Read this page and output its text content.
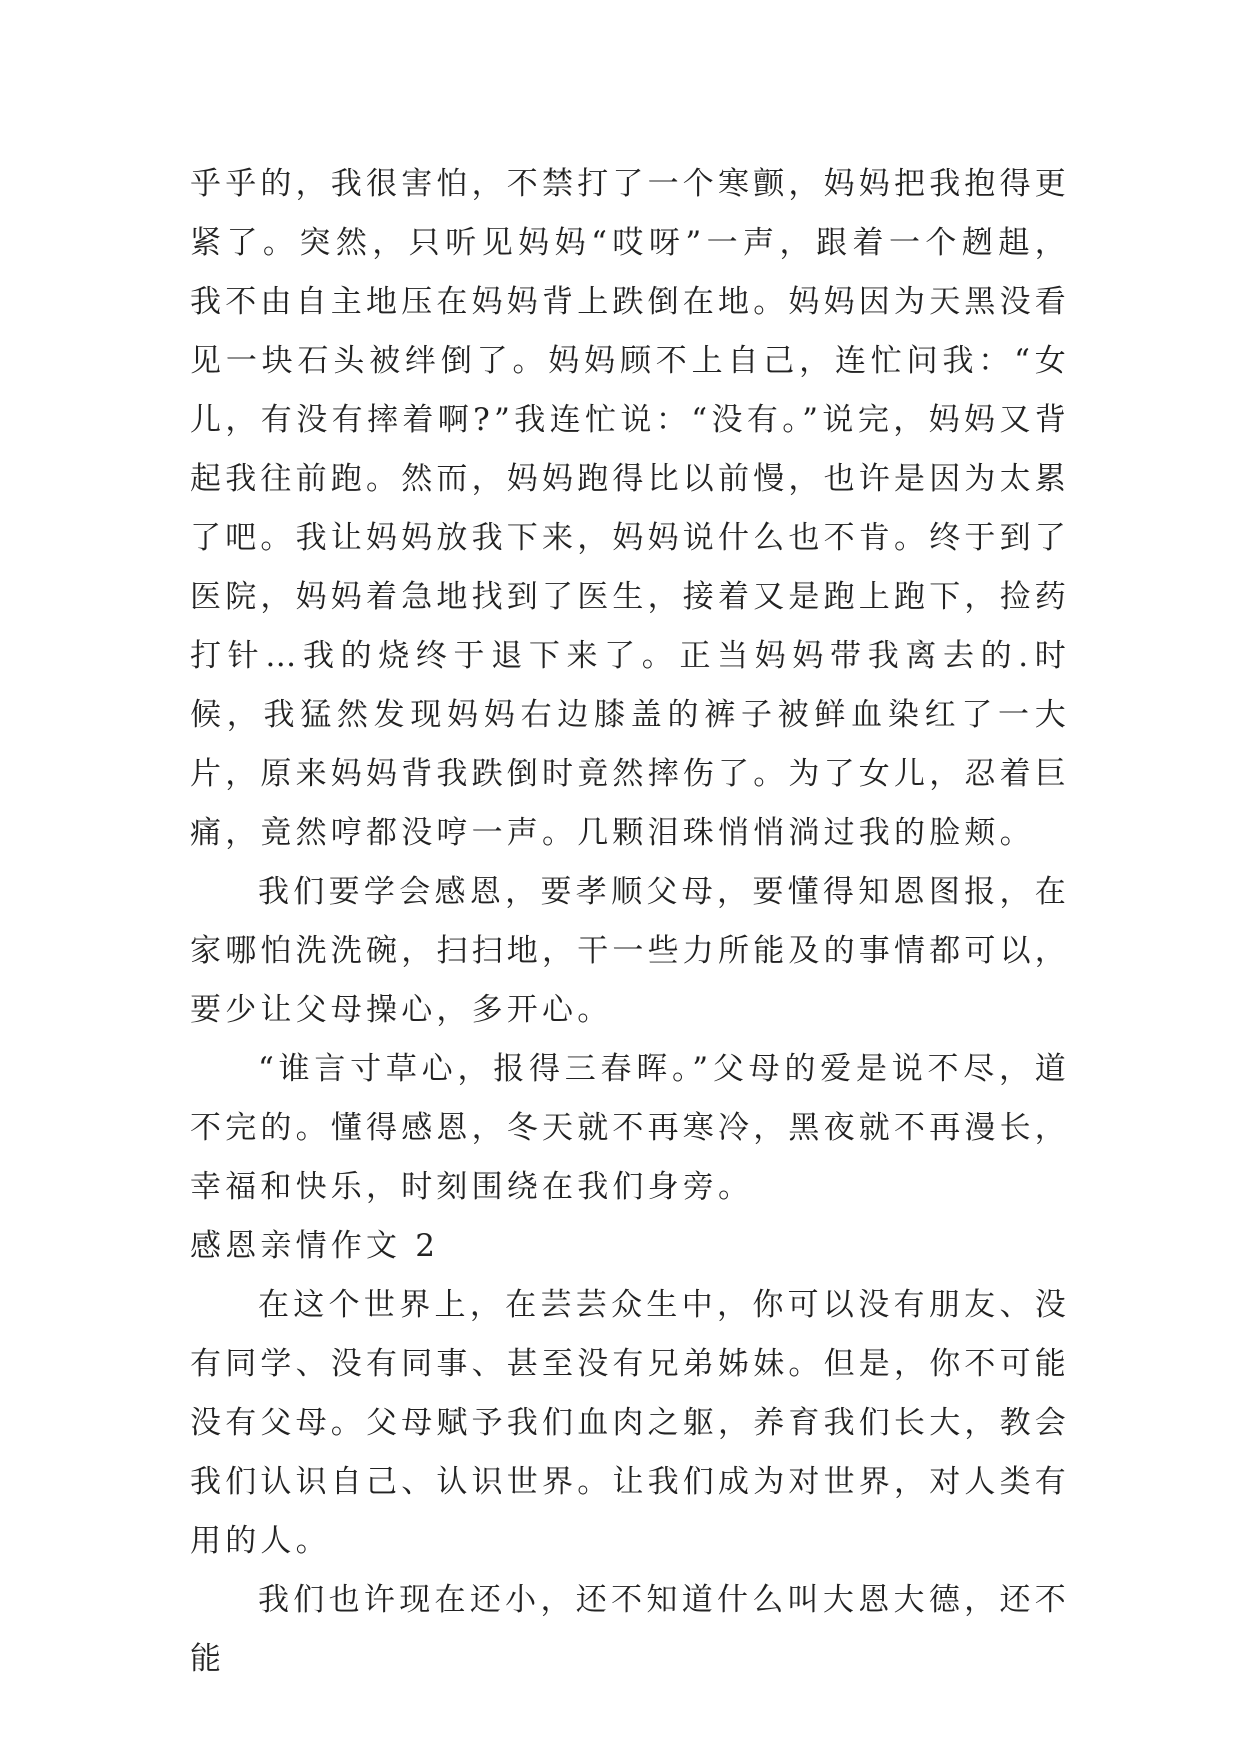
乎乎的，我很害怕，不禁打了一个寒颤，妈妈把我抱得更紧了。突然，只听见妈妈“哎呀”一声，跟着一个趔趄，我不由自主地压在妈妈背上跌倒在地。妈妈因为天黑没看见一块石头被绊倒了。妈妈顾不上自己，连忙问我：“女儿，有没有摔着啊?”我连忙说：“没有。”说完，妈妈又背起我往前跑。然而，妈妈跑得比以前慢，也许是因为太累了吧。我让妈妈放我下来，妈妈说什么也不肯。终于到了医院，妈妈着急地找到了医生，接着又是跑上跑下，捡药打针…我的烧终于退下来了。正当妈妈带我离去的.时候，我猛然发现妈妈右边膝盖的裤子被鲜血染红了一大片，原来妈妈背我跌倒时竟然摔伤了。为了女儿，忍着巨痛，竟然哼都没哼一声。几颗泪珠悄悄淌过我的脸颊。

我们要学会感恩，要孝顺父母，要懂得知恩图报，在家哪怕洗洗碗，扫扫地，干一些力所能及的事情都可以，要少让父母操心，多开心。

“谁言寸草心，报得三春晖。”父母的爱是说不尽，道不完的。懂得感恩，冬天就不再寒冷，黑夜就不再漫长，幸福和快乐，时刻围绕在我们身旁。

感恩亲情作文 2

在这个世界上，在芸芸众生中，你可以没有朋友、没有同学、没有同事、甚至没有兄弟姊妹。但是，你不可能没有父母。父母赋予我们血肉之躯，养育我们长大，教会我们认识自己、认识世界。让我们成为对世界，对人类有用的人。

我们也许现在还小，还不知道什么叫大恩大德，还不能
